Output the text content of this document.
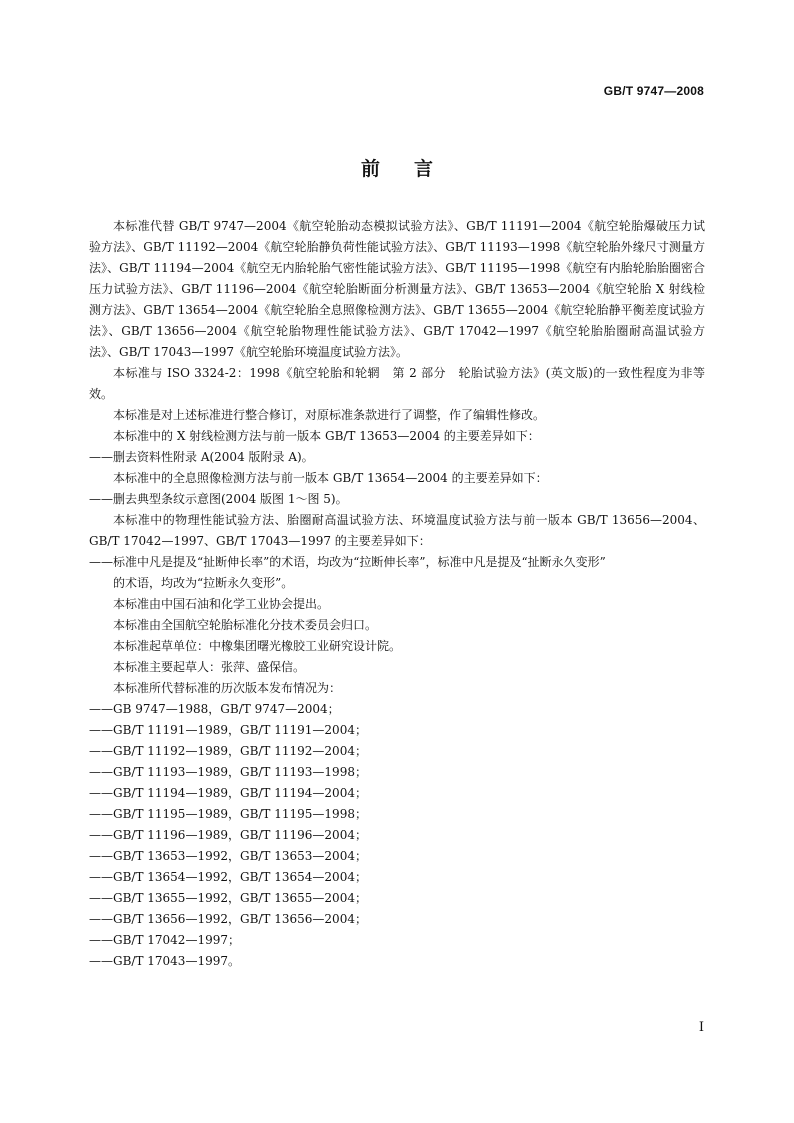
GB/T 9747—2008
前言

本标准代替 GB/T 9747—2004《航空轮胎动态模拟试验方法》、GB/T 11191—2004《航空轮胎爆破压力试验方法》、GB/T 11192—2004《航空轮胎静负荷性能试验方法》、GB/T 11193—1998《航空轮胎外缘尺寸测量方法》、GB/T 11194—2004《航空无内胎轮胎气密性能试验方法》、GB/T 11195—1998《航空有内胎轮胎胎圈密合压力试验方法》、GB/T 11196—2004《航空轮胎断面分析测量方法》、GB/T 13653—2004《航空轮胎 X 射线检测方法》、GB/T 13654—2004《航空轮胎全息照像检测方法》、GB/T 13655—2004《航空轮胎静平衡差度试验方法》、GB/T 13656—2004《航空轮胎物理性能试验方法》、GB/T 17042—1997《航空轮胎胎圈耐高温试验方法》、GB/T 17043—1997《航空轮胎环境温度试验方法》。

本标准与 ISO 3324-2：1998《航空轮胎和轮辋　第 2 部分　轮胎试验方法》(英文版)的一致性程度为非等效。

本标准是对上述标准进行整合修订，对原标准条款进行了调整，作了编辑性修改。

本标准中的 X 射线检测方法与前一版本 GB/T 13653—2004 的主要差异如下：

——删去资料性附录 A(2004 版附录 A)。

本标准中的全息照像检测方法与前一版本 GB/T 13654—2004 的主要差异如下：

——删去典型条纹示意图(2004 版图 1～图 5)。

本标准中的物理性能试验方法、胎圈耐高温试验方法、环境温度试验方法与前一版本 GB/T 13656—2004、GB/T 17042—1997、GB/T 17043—1997 的主要差异如下：

——标准中凡是提及“扯断伸长率”的术语，均改为“拉断伸长率”，标准中凡是提及“扯断永久变形”
的术语，均改为“拉断永久变形”。

本标准由中国石油和化学工业协会提出。

本标准由全国航空轮胎标准化分技术委员会归口。

本标准起草单位：中橡集团曙光橡胶工业研究设计院。

本标准主要起草人：张萍、盛保信。

本标准所代替标准的历次版本发布情况为：

——GB 9747—1988，GB/T 9747—2004；

——GB/T 11191—1989，GB/T 11191—2004；

——GB/T 11192—1989，GB/T 11192—2004；

——GB/T 11193—1989，GB/T 11193—1998；

——GB/T 11194—1989，GB/T 11194—2004；

——GB/T 11195—1989，GB/T 11195—1998；

——GB/T 11196—1989，GB/T 11196—2004；

——GB/T 13653—1992，GB/T 13653—2004；

——GB/T 13654—1992，GB/T 13654—2004；

——GB/T 13655—1992，GB/T 13655—2004；

——GB/T 13656—1992，GB/T 13656—2004；

——GB/T 17042—1997；

——GB/T 17043—1997。

I
